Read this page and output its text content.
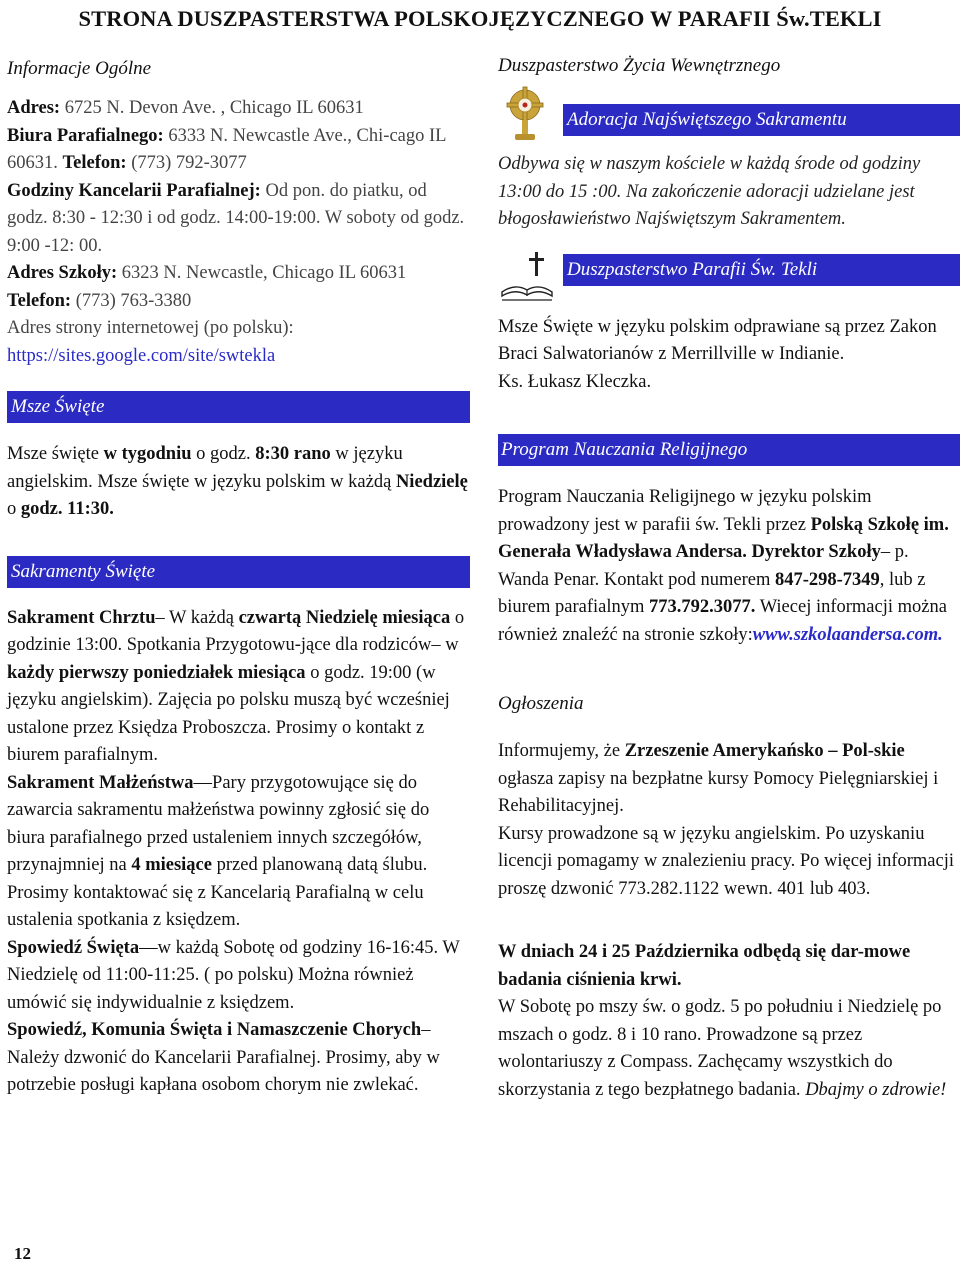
STRONA DUSZPASTERSTWA POLSKOJĘZYCZNEGO W PARAFII Św.TEKLI

Informacje Ogólne

Adres: 6725 N. Devon Ave. , Chicago IL 60631

Biura Parafialnego: 6333 N. Newcastle Ave., Chi-cago IL 60631. Telefon: (773) 792-3077

Godziny Kancelarii Parafialnej: Od pon. do piatku, od godz. 8:30 - 12:30 i od godz. 14:00-19:00. W soboty od godz. 9:00 -12: 00.

Adres Szkoły: 6323 N. Newcastle, Chicago IL 60631 Telefon: (773) 763-3380

Adres strony internetowej (po polsku):

https://sites.google.com/site/swtekla

Msze Święte

Msze święte w tygodniu o godz. 8:30 rano w języku angielskim. Msze święte w języku polskim w każdą Niedzielę o godz. 11:30.

Sakramenty Święte

Sakrament Chrztu– W każdą czwartą Niedzielę miesiąca o godzinie 13:00. Spotkania Przygotowu-jące dla rodziców– w każdy pierwszy poniedziałek miesiąca o godz. 19:00 (w języku angielskim). Zajęcia po polsku muszą być wcześniej ustalone przez Księdza Proboszcza. Prosimy o kontakt z biurem parafialnym.

Sakrament Małżeństwa—Pary przygotowujące się do zawarcia sakramentu małżeństwa powinny zgłosić się do biura parafialnego przed ustaleniem innych szczegółów, przynajmniej na 4 miesiące przed planowaną datą ślubu. Prosimy kontaktować się z Kancelarią Parafialną w celu ustalenia spotkania z księdzem.

Spowiedź Święta—w każdą Sobotę od godziny 16-16:45. W Niedzielę od 11:00-11:25. ( po polsku) Można również umówić się indywidualnie z księdzem.

Spowiedź, Komunia Święta i Namaszczenie Chorych– Należy dzwonić do Kancelarii Parafialnej. Prosimy, aby w potrzebie posługi kapłana osobom chorym nie zwlekać.

12

Duszpasterstwo Życia Wewnętrznego

Adoracja Najświętszego Sakramentu

Odbywa się w naszym kościele w każdą środe od godziny 13:00 do 15 :00. Na zakończenie adoracji udzielane jest błogosławieństwo Najświętszym Sakramentem.

Duszpasterstwo Parafii Św. Tekli

Msze Święte w języku polskim odprawiane są przez Zakon Braci Salwatorianów z Merrillville w Indianie.

Ks. Łukasz Kleczka.

Program Nauczania Religijnego

Program Nauczania Religijnego w języku polskim prowadzony jest w parafii św. Tekli przez Polską Szkołę im. Generała Władysława Andersa. Dyrektor Szkoły– p. Wanda Penar. Kontakt pod numerem 847-298-7349, lub z biurem parafialnym 773.792.3077. Wiecej informacji można również znaleźć na stronie szkoły:www.szkolaandersa.com.

Ogłoszenia

Informujemy, że Zrzeszenie Amerykańsko – Pol-skie ogłasza zapisy na bezpłatne kursy Pomocy Pielęgniarskiej i Rehabilitacyjnej.

Kursy prowadzone są w języku angielskim. Po uzyskaniu licencji pomagamy w znalezieniu pracy. Po więcej informacji proszę dzwonić 773.282.1122 wewn. 401 lub 403.

W dniach 24 i 25 Października odbędą się dar-mowe badania ciśnienia krwi.

W Sobotę po mszy św. o godz. 5 po południu i Niedzielę po mszach o godz. 8 i 10 rano. Prowadzone są przez wolontariuszy z Compass. Zachęcamy wszystkich do skorzystania z tego bezpłatnego badania. Dbajmy o zdrowie!
